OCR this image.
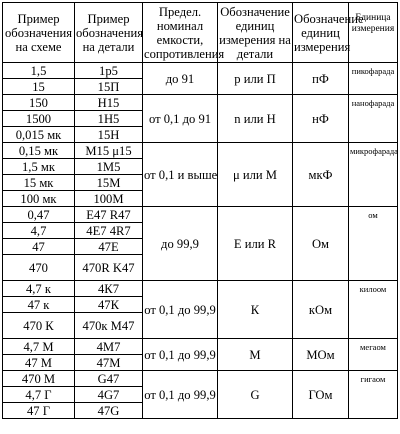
Пример обозначения на схеме	Пример обозначения на детали	Предел. номинал емкости, сопротивления	Обозначение единиц измерения на детали	Обозначение единиц измерения	Единица измерения
1,5	1р5	до 91	р или П	пФ	пикофарада
15	15П				
150	Н15	от 0,1 до 91	n или Н	нФ	нанофарада
1500	1Н5				
0,015 мк	15Н				
0,15 мк	М15 μ15	от 0,1 и выше	μ или М	мкФ	микрофарада
1,5 мк	1М5				
15 мк	15М				
100 мк	100М				
0,47	Е47 R47	до 99,9	Е или R	Ом	ом
4,7	4Е7 4R7				
47	47Е				
470	470R K47				
4,7 к	4К7	от 0,1 до 99,9	К	кОм	килоом
47 к	47К				
470 К	470к М47				
4,7 М	4М7	от 0,1 до 99,9	М	МОм	мегаом
47 М	47М				
470 М	G47	от 0,1 до 99,9	G	ГОм	гигаом
4,7 Г	4G7				
47 Г	47G				
